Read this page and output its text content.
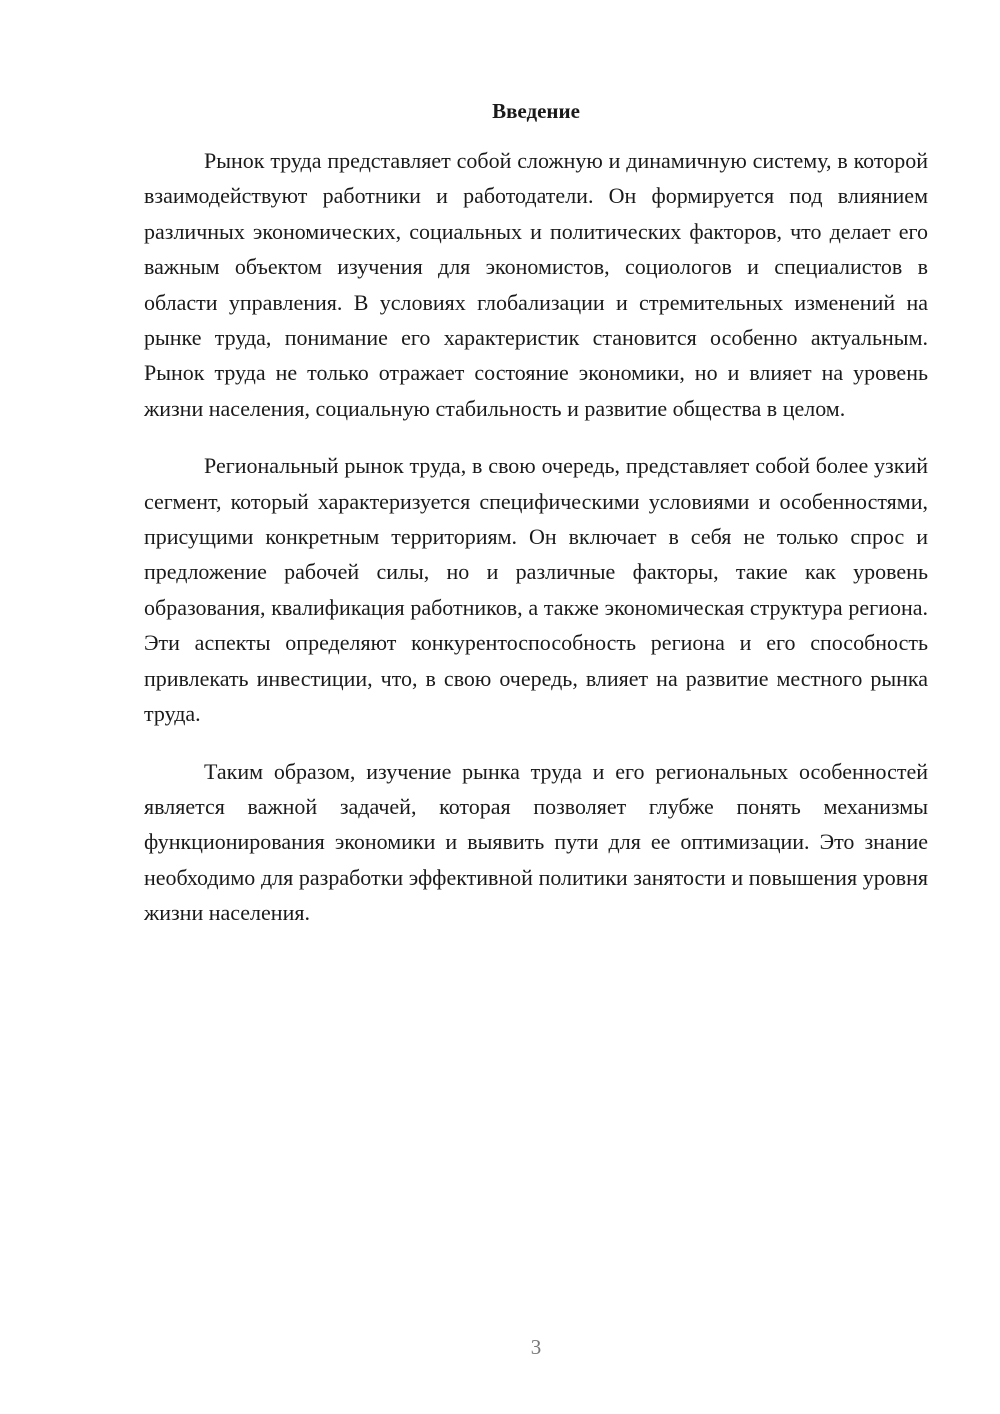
Введение

Рынок труда представляет собой сложную и динамичную систему, в которой взаимодействуют работники и работодатели. Он формируется под влиянием различных экономических, социальных и политических факторов, что делает его важным объектом изучения для экономистов, социологов и специалистов в области управления. В условиях глобализации и стремительных изменений на рынке труда, понимание его характеристик становится особенно актуальным. Рынок труда не только отражает состояние экономики, но и влияет на уровень жизни населения, социальную стабильность и развитие общества в целом.

Региональный рынок труда, в свою очередь, представляет собой более узкий сегмент, который характеризуется специфическими условиями и особенностями, присущими конкретным территориям. Он включает в себя не только спрос и предложение рабочей силы, но и различные факторы, такие как уровень образования, квалификация работников, а также экономическая структура региона. Эти аспекты определяют конкурентоспособность региона и его способность привлекать инвестиции, что, в свою очередь, влияет на развитие местного рынка труда.

Таким образом, изучение рынка труда и его региональных особенностей является важной задачей, которая позволяет глубже понять механизмы функционирования экономики и выявить пути для ее оптимизации. Это знание необходимо для разработки эффективной политики занятости и повышения уровня жизни населения.

3
